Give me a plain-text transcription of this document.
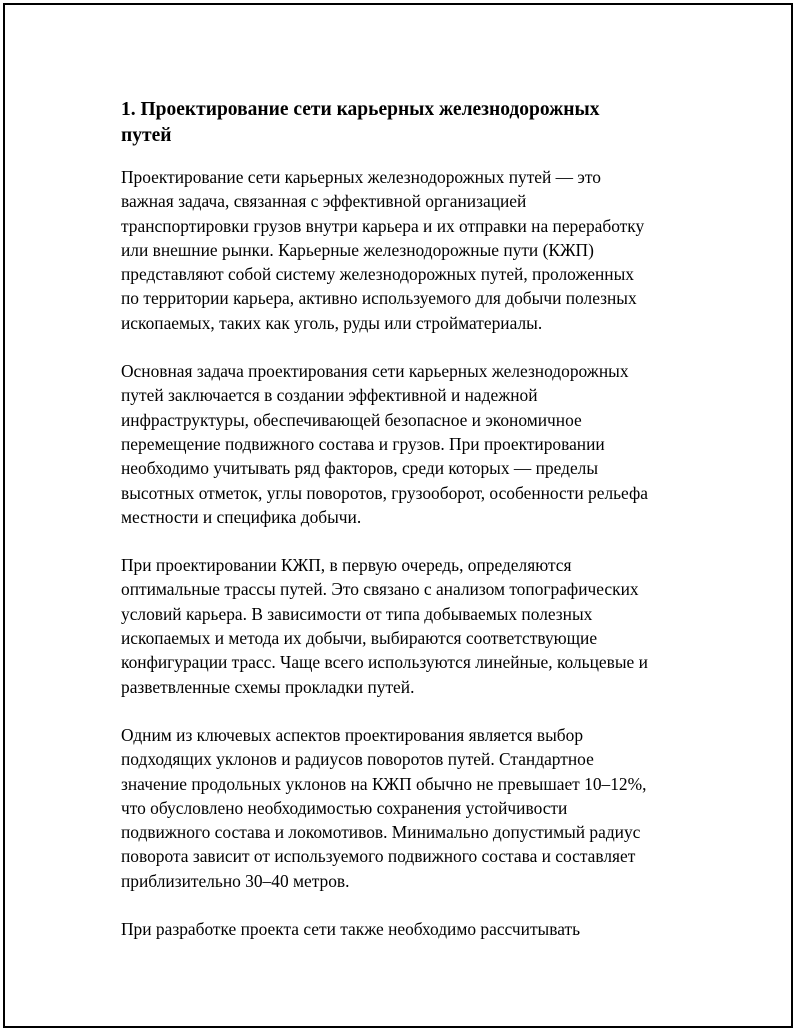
1. Проектирование сети карьерных железнодорожных
путей

Проектирование сети карьерных железнодорожных путей — это
важная задача, связанная с эффективной организацией
транспортировки грузов внутри карьера и их отправки на переработку
или внешние рынки. Карьерные железнодорожные пути (КЖП)
представляют собой систему железнодорожных путей, проложенных
по территории карьера, активно используемого для добычи полезных
ископаемых, таких как уголь, руды или стройматериалы.

Основная задача проектирования сети карьерных железнодорожных
путей заключается в создании эффективной и надежной
инфраструктуры, обеспечивающей безопасное и экономичное
перемещение подвижного состава и грузов. При проектировании
необходимо учитывать ряд факторов, среди которых — пределы
высотных отметок, углы поворотов, грузооборот, особенности рельефа
местности и специфика добычи.

При проектировании КЖП, в первую очередь, определяются
оптимальные трассы путей. Это связано с анализом топографических
условий карьера. В зависимости от типа добываемых полезных
ископаемых и метода их добычи, выбираются соответствующие
конфигурации трасс. Чаще всего используются линейные, кольцевые и
разветвленные схемы прокладки путей.

Одним из ключевых аспектов проектирования является выбор
подходящих уклонов и радиусов поворотов путей. Стандартное
значение продольных уклонов на КЖП обычно не превышает 10–12%,
что обусловлено необходимостью сохранения устойчивости
подвижного состава и локомотивов. Минимально допустимый радиус
поворота зависит от используемого подвижного состава и составляет
приблизительно 30–40 метров.

При разработке проекта сети также необходимо рассчитывать
